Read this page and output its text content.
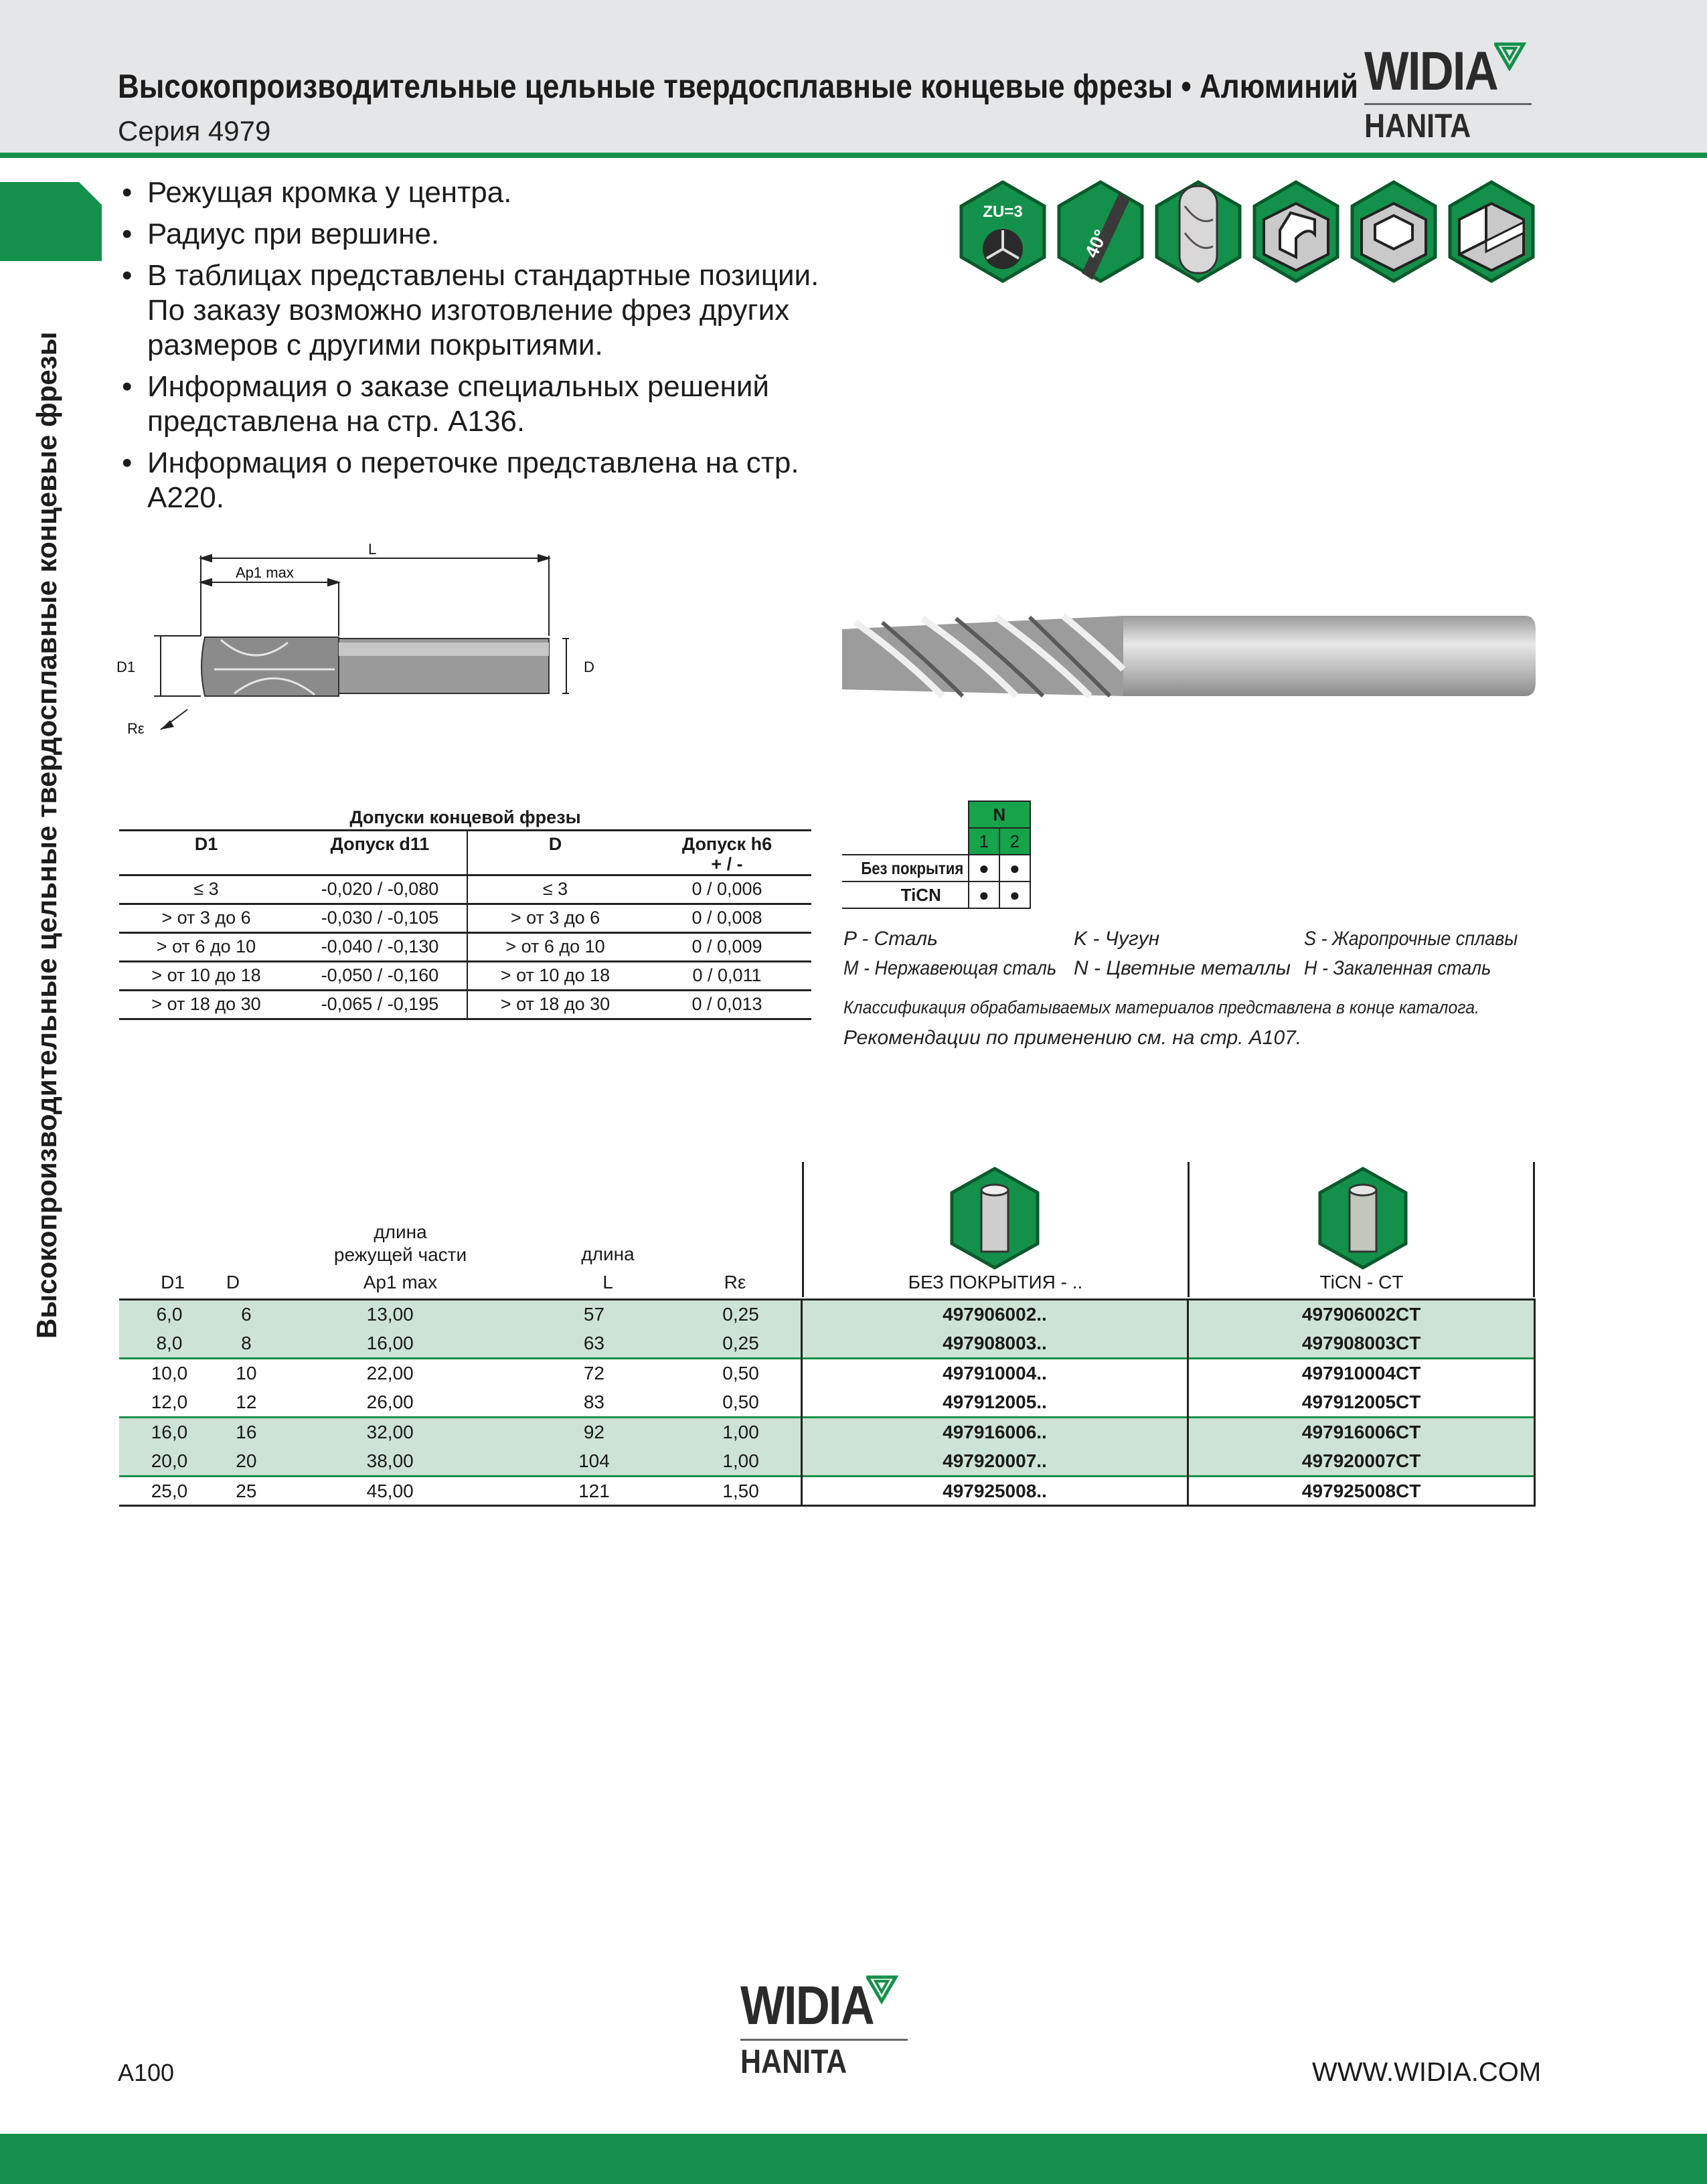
Высокопроизводительные цельные твердосплавные концевые фрезы • Алюминий
Серия 4979
WIDIA
HANITA
Высокопроизводительные цельные твердосплавные концевые фрезы
• Режущая кромка у центра.
• Радиус при вершине.
• В таблицах представлены стандартные позиции. По заказу возможно изготовление фрез других размеров с другими покрытиями.
• Информация о заказе специальных решений представлена на стр. A136.
• Информация о переточке представлена на стр. A220.
ZU=3
40°
L
Ap1 max
D1	D
Rε
Допуски концевой фрезы			
D1	Допуск d11	D	Допуск h6
+ / -
≤ 3	-0,020 / -0,080	≤ 3	0 / 0,006
> от 3 до 6	-0,030 / -0,105	> от 3 до 6	0 / 0,008
> от 6 до 10	-0,040 / -0,130	> от 6 до 10	0 / 0,009
> от 10 до 18	-0,050 / -0,160	> от 10 до 18	0 / 0,011
> от 18 до 30	-0,065 / -0,195	> от 18 до 30	0 / 0,013
	N	
	1	2
Без покрытия	●	●
TiCN	●	●
P - Сталь	K - Чугун	S - Жаропрочные сплавы
M - Нержавеющая сталь N - Цветные металлы H - Закаленная сталь
Классификация обрабатываемых материалов представлена в конце каталога.
Рекомендации по применению см. на стр. A107.
длина
режущей части	длина
D1	D	Ap1 max	L	Rε	БЕЗ ПОКРЫТИЯ - ..	TiCN - CT
6,0	6	13,00	57	0,25	497906002..	497906002CT
8,0	8	16,00	63	0,25	497908003..	497908003CT
10,0	10	22,00	72	0,50	497910004..	497910004CT
12,0	12	26,00	83	0,50	497912005..	497912005CT
16,0	16	32,00	92	1,00	497916006..	497916006CT
20,0	20	38,00	104	1,00	497920007..	497920007CT
25,0	25	45,00	121	1,50	497925008..	497925008CT
WIDIA
HANITA
A100	WWW.WIDIA.COM
